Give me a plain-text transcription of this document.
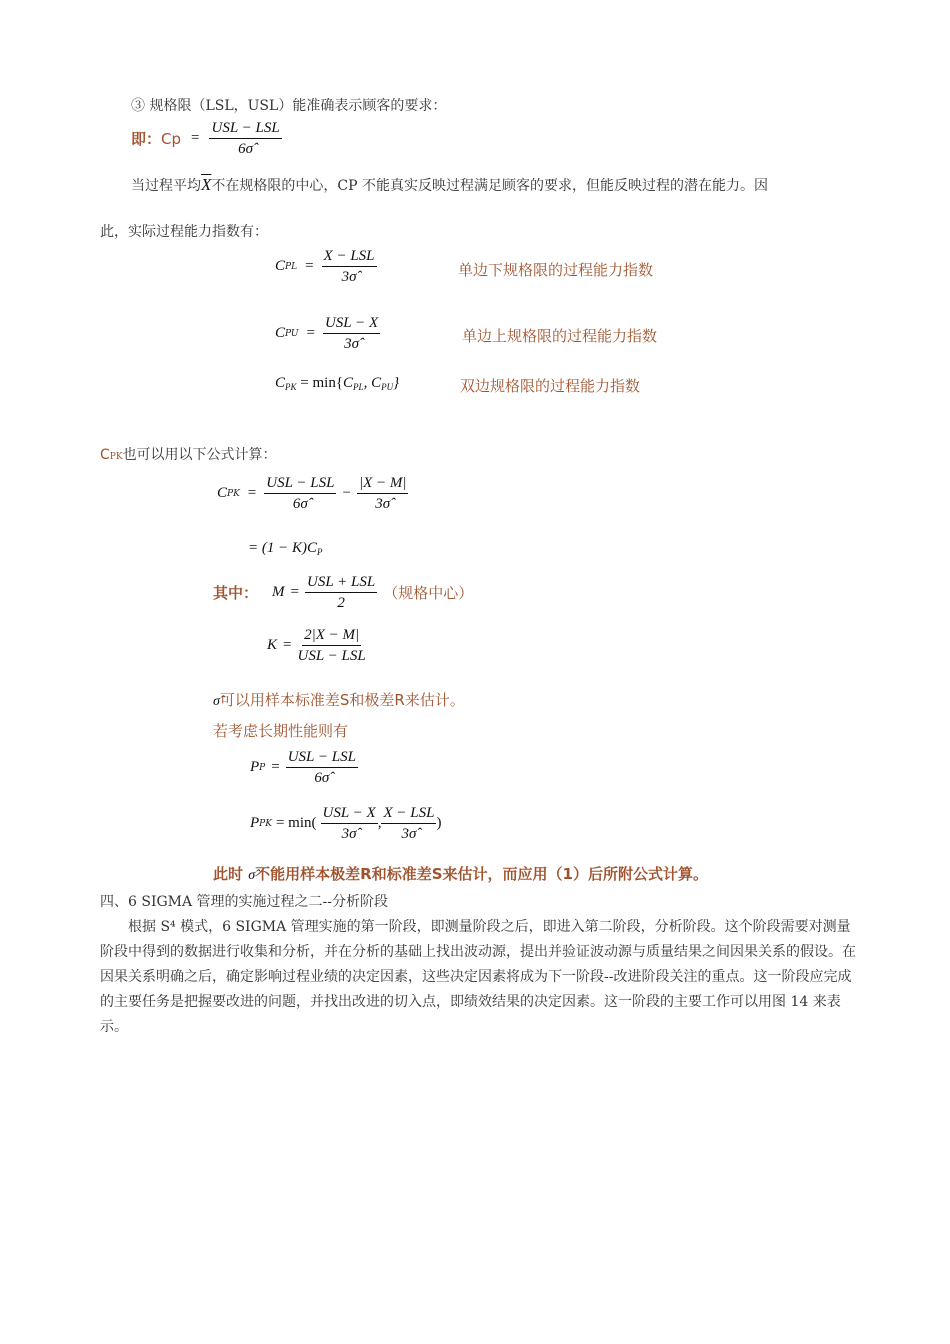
③ 规格限（LSL，USL）能准确表示顾客的要求：
即： $Cp = \frac{\text{USL − LSL}}{6\sigmâ}$
当过程平均$\overline{X}$不在规格限的中心，CP 不能真实反映过程满足顾客的要求，但能反映过程的潜在能力。因
此，实际过程能力指数有：
C PL = $\frac{\text{X − LSL}}{3\sigmâ}$	单边下规格限的过程能力指数
C PU = $\frac{\text{USL − X}}{3\sigmâ}$	单边上规格限的过程能力指数
$C_{PK} = \min\{C_{PL}$, $C_{PU}$}	双边规格限的过程能力指数
CPK也可以用以下公式计算：
C PK = $\frac{\text{USL − LSL}}{6\sigmâ} - \frac{|X - M|}{3\sigmâ}$
= $(1 - K)C_P$
其中： $M = \frac{\text{USL + LSL}}{2}$ （规格中心）
$K = \frac{2|X - M|}{\text{USL − LSL}}$
σ̂可以用样本标准差S和极差R来估计。
若考虑长期性能则有
P $P = \frac{\text{USL − LSL}}{6\sigmâ}$
P PK = $\min( \frac{\text{USL − X}}{3\sigmâ}$ , $\frac{\text{X − LSL}}{3\sigmâ}$ )
此时 σ̂不能用样本极差R和标准差S来估计，而应用（1）后所附公式计算。
四、6 SIGMA 管理的实施过程之二--分析阶段
根据 S⁴ 模式，6 SIGMA 管理实施的第一阶段，即测量阶段之后，即进入第二阶段，分析阶段。这个阶段需要对测量阶段中得到的数据进行收集和分析，并在分析的基础上找出波动源，提出并验证波动源与质量结果之间因果关系的假设。在因果关系明确之后，确定影响过程业绩的决定因素，这些决定因素将成为下一阶段--改进阶段关注的重点。这一阶段应完成的主要任务是把握要改进的问题，并找出改进的切入点，即绩效结果的决定因素。这一阶段的主要工作可以用图 14 来表示。
